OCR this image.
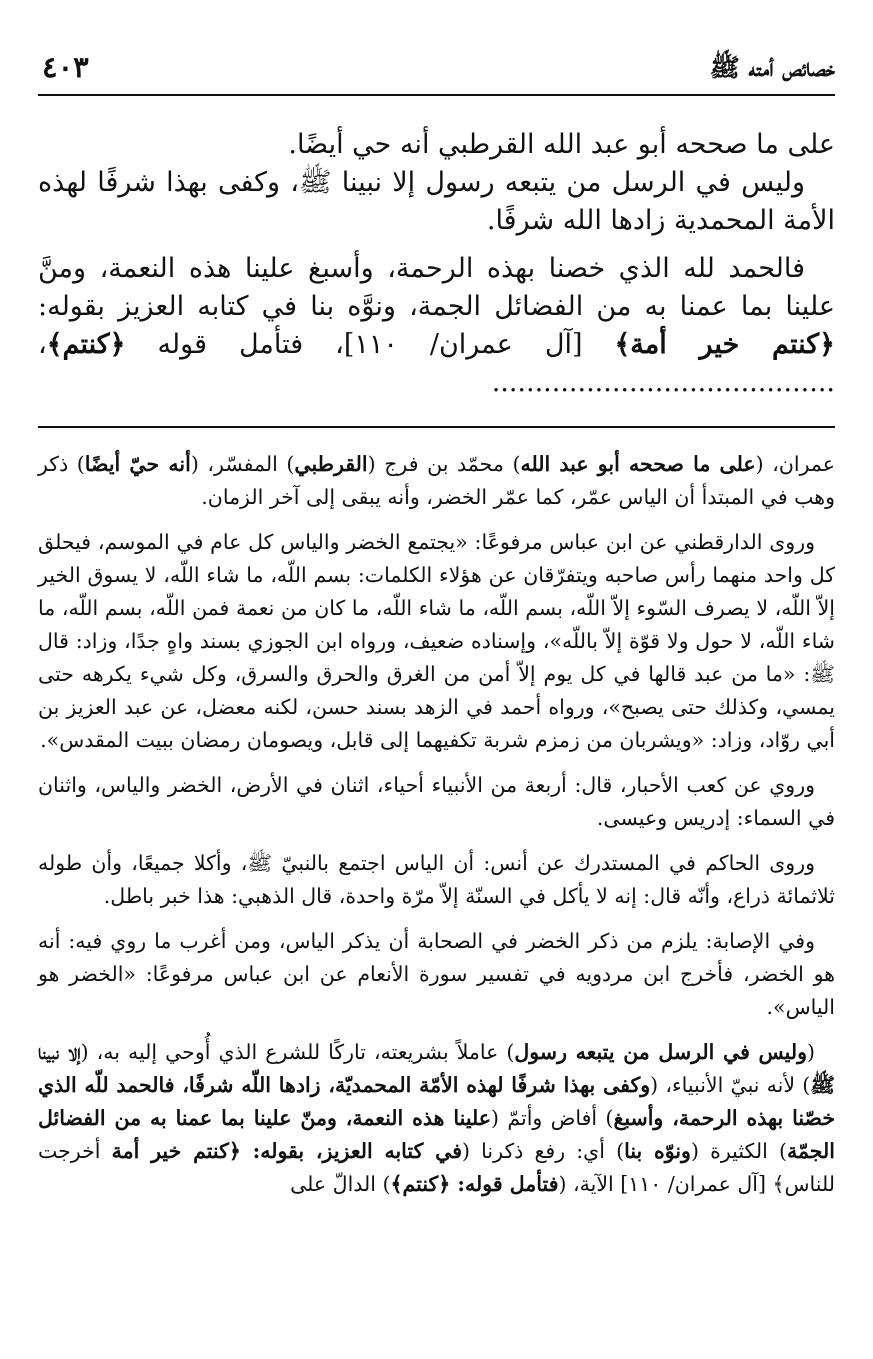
خصائص أمته ﷺ
٤٠٣

على ما صححه أبو عبد الله القرطبي أنه حي أيضًا.

وليس في الرسل من يتبعه رسول إلا نبينا ﷺ، وكفى بهذا شرفًا لهذه الأمة المحمدية زادها الله شرفًا.

فالحمد لله الذي خصنا بهذه الرحمة، وأسبغ علينا هذه النعمة، ومنَّ علينا بما عمنا به من الفضائل الجمة، ونوَّه بنا في كتابه العزيز بقوله: ﴿كنتم خير أمة﴾ [آل عمران/ ١١٠]، فتأمل قوله ﴿كنتم﴾، ........................................

عمران، (على ما صححه أبو عبد الله) محمّد بن فرج (القرطبي) المفسّر، (أنه حيّ أيضًا) ذكر وهب في المبتدأ أن الياس عمّر، كما عمّر الخضر، وأنه يبقى إلى آخر الزمان.

وروى الدارقطني عن ابن عباس مرفوعًا: «يجتمع الخضر والياس كل عام في الموسم، فيحلق كل واحد منهما رأس صاحبه ويتفرّقان عن هؤلاء الكلمات: بسم اللّه، ما شاء اللّه، لا يسوق الخير إلاّ اللّه، لا يصرف السّوء إلاّ اللّه، بسم اللّه، ما شاء اللّه، ما كان من نعمة فمن اللّه، بسم اللّه، ما شاء اللّه، لا حول ولا قوّة إلاّ باللّه»، وإسناده ضعيف، ورواه ابن الجوزي بسند واهٍ جدًا، وزاد: قال ﷺ: «ما من عبد قالها في كل يوم إلاّ أمن من الغرق والحرق والسرق، وكل شيء يكرهه حتى يمسي، وكذلك حتى يصبح»، ورواه أحمد في الزهد بسند حسن، لكنه معضل، عن عبد العزيز بن أبي روّاد، وزاد: «ويشربان من زمزم شربة تكفيهما إلى قابل، ويصومان رمضان ببيت المقدس».

وروي عن كعب الأحبار، قال: أربعة من الأنبياء أحياء، اثنان في الأرض، الخضر والياس، واثنان في السماء: إدريس وعيسى.

وروى الحاكم في المستدرك عن أنس: أن الياس اجتمع بالنبيّ ﷺ، وأكلا جميعًا، وأن طوله ثلاثمائة ذراع، وأنّه قال: إنه لا يأكل في السنّة إلاّ مرّة واحدة، قال الذهبي: هذا خبر باطل.

وفي الإصابة: يلزم من ذكر الخضر في الصحابة أن يذكر الياس، ومن أغرب ما روي فيه: أنه هو الخضر، فأخرج ابن مردويه في تفسير سورة الأنعام عن ابن عباس مرفوعًا: «الخضر هو الياس».

(وليس في الرسل من يتبعه رسول) عاملاً بشريعته، تاركًا للشرع الذي أُوحي إليه به، (إلا نبينا ﷺ) لأنه نبيّ الأنبياء، (وكفى بهذا شرفًا لهذه الأمّة المحمديّة، زادها اللّه شرفًا، فالحمد للّه الذي خصّنا بهذه الرحمة، وأسبغ) أفاض وأتمّ (علينا هذه النعمة، ومنّ علينا بما عمنا به من الفضائل الجمّة) الكثيرة (ونوّه بنا) أي: رفع ذكرنا (في كتابه العزيز، بقوله: ﴿كنتم خير أمة أخرجت للناس﴾ [آل عمران/ ١١٠] الآية، (فتأمل قوله: ﴿كنتم﴾) الدالّ على
